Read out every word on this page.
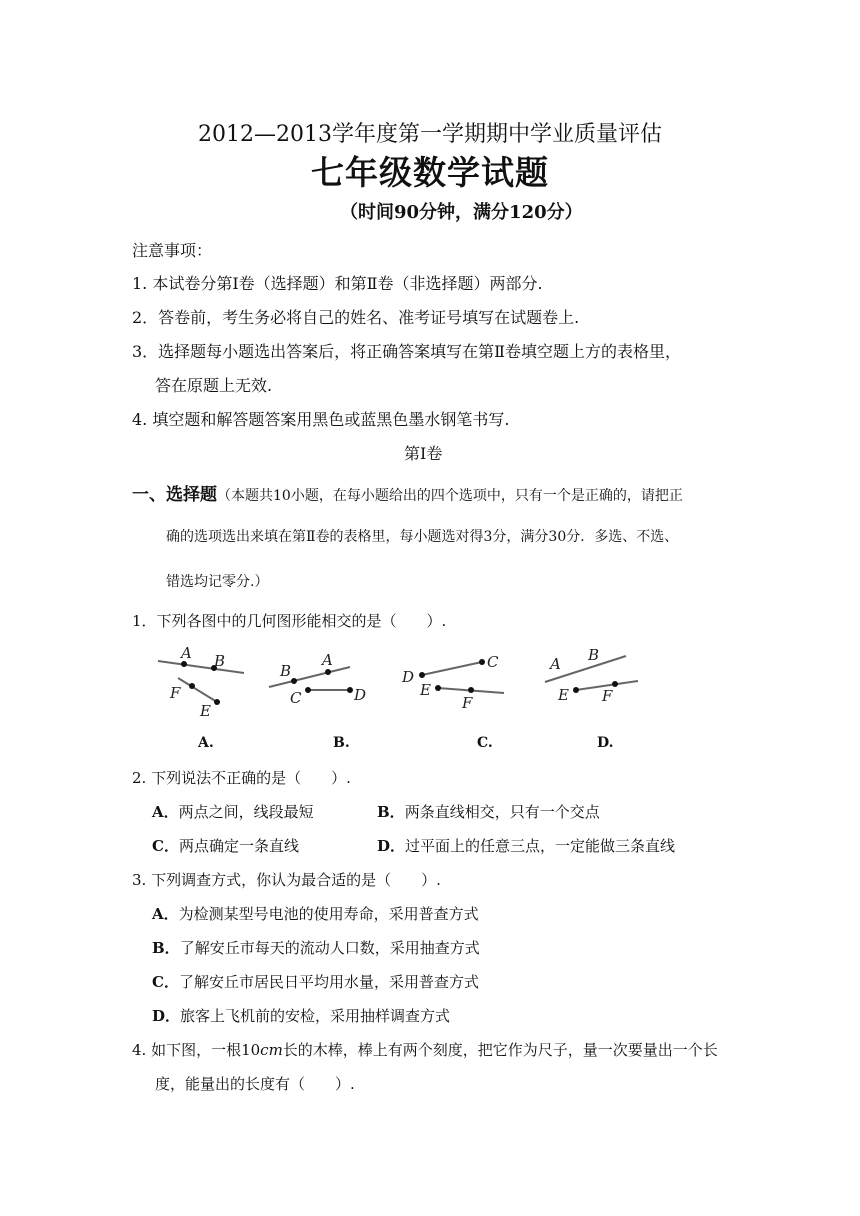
2012—2013学年度第一学期期中学业质量评估
七年级数学试题
（时间90分钟，满分120分）
注意事项：
1. 本试卷分第Ⅰ卷（选择题）和第Ⅱ卷（非选择题）两部分.
2．答卷前，考生务必将自己的姓名、准考证号填写在试题卷上.
3．选择题每小题选出答案后，将正确答案填写在第Ⅱ卷填空题上方的表格里，
答在原题上无效.
4. 填空题和解答题答案用黑色或蓝黑色墨水钢笔书写.
第Ⅰ卷
一、选择题（本题共10小题，在每小题给出的四个选项中，只有一个是正确的，请把正
确的选项选出来填在第Ⅱ卷的表格里，每小题选对得3分，满分30分．多选、不选、
错选均记零分.）
1．下列各图中的几何图形能相交的是（　　）.
A B
F
E
B
A
C	D
D
C
E
F
A B
E F
A.	B.	C.	D.
2. 下列说法不正确的是（　　）.
A．两点之间，线段最短	B．两条直线相交，只有一个交点
C．两点确定一条直线	D．过平面上的任意三点，一定能做三条直线
3. 下列调查方式，你认为最合适的是（　　）.
A．为检测某型号电池的使用寿命，采用普查方式
B．了解安丘市每天的流动人口数，采用抽查方式
C．了解安丘市居民日平均用水量，采用普查方式
D．旅客上飞机前的安检，采用抽样调查方式
4. 如下图，一根10cm长的木棒，棒上有两个刻度，把它作为尺子，量一次要量出一个长
度，能量出的长度有（　　）.
